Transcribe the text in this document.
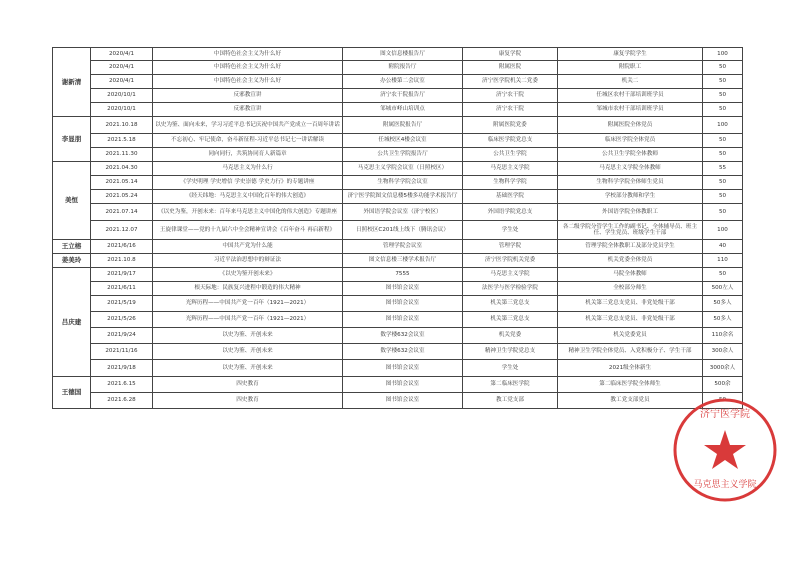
谢新清	2020/4/1	中国特色社会主义为什么好	图文信息楼报告厅	康复学院	康复学院学生	100
	2020/4/1	中国特色社会主义为什么好	附院报告厅	附属医院	附院职工	50
	2020/4/1	中国特色社会主义为什么好	办公楼第二会议室	济宁医学院机关二党委	机关二	50
	2020/10/1	反邪教宣讲	济宁农干院报告厅	济宁农干院	任城区农村干部培训班学员	50
	2020/10/1	反邪教宣讲	邹城市峄山培训点	济宁农干院	邹城市农村干部培训班学员	50
李显朋	2021.10.18	以史为鉴、面向未来，学习习近平总书记庆祝中国共产党成立一百周年讲话	附属医院报告厅	附属医院党委	附属医院全体党员	100
	2021.5.18	不忘初心、牢记使命，奋斗新征程-习近平总书记七一讲话解读	任城校区4楼会议室	临床医学院党总支	临床医学院全体党员	50
	2021.11.30	同向同行，共筑协同育人新篇章	公共卫生学院报告厅	公共卫生学院	公共卫生学院全体教师	50
美恒	2021.04.30	马克思主义为什么行	马克思主义学院会议室（日照校区）	马克思主义学院	马克思主义学院全体教师	55
	2021.05.14	《学史明理 学史增信 学史崇德 学史力行》的专题讲座	生物科学学院会议室	生物科学学院	生物科学学院全体师生党员	50
	2021.05.24	《经天纬地：马克思主义中国化百年的伟大创造》	济宁医学院图文信息楼5楼多功能学术报告厅	基础医学院	学校部分教师和学生	50
	2021.07.14	《以史为鉴，开创未来：百年来马克思主义中国化的伟大创造》专题讲座	外国语学院会议室（济宁校区）	外国语学院党总支	外国语学院全体教职工	50
	2021.12.07	王旋律课堂——党的十九届六中全会精神宣讲会《百年奋斗 再启新程》	日照校区C201线上线下（腾讯会议）	学生处	各二级学院分管学生工作的副书记、全体辅导员、班主任、学生党员、班级学生干部	100
王立榕	2021/6/16	中国共产党为什么能	管理学院会议室	管理学院	管理学院全体教职工及部分党员学生	40
姜美玲	2021.10.8	习近平法治思想中的辩证法	图文信息楼三楼学术报告厅	济宁医学院机关党委	机关党委全体党员	110
吕庆建	2021/9/17	《以史为鉴开创未来》	7555	马克思主义学院	马院全体教师	50
	2021/6/11	根天际地：民族复兴进程中锻造的伟大精神	图书馆会议室	法医学与医学检验学院	全校部分师生	500左人
	2021/5/19	光辉历程——中国共产党一百年（1921—2021）	图书馆会议室	机关第三党总支	机关第三党总支党员、非党处级干部	50多人
	2021/5/26	光辉历程——中国共产党一百年（1921—2021）	图书馆会议室	机关第三党总支	机关第三党总支党员、非党处级干部	50多人
	2021/9/24	以史为鉴、开创未来	数学楼632会议室	机关党委	机关党委党员	110余名
	2021/11/16	以史为鉴、开创未来	数学楼632会议室	精神卫生学院党总支	精神卫生学院全体党员、入党积极分子、学生干部	300余人
	2021/9/18	以史为鉴、开创未来	图书馆会议室	学生处	2021级全体新生	3000余人
王德国	2021.6.15	四史教育	图书馆会议室	第二临床医学院	第二临床医学院全体师生	500余
	2021.6.28	四史教育	图书馆会议室	教工党支部	教工党支部党员	50
济宁医学院
马克思主义学院
